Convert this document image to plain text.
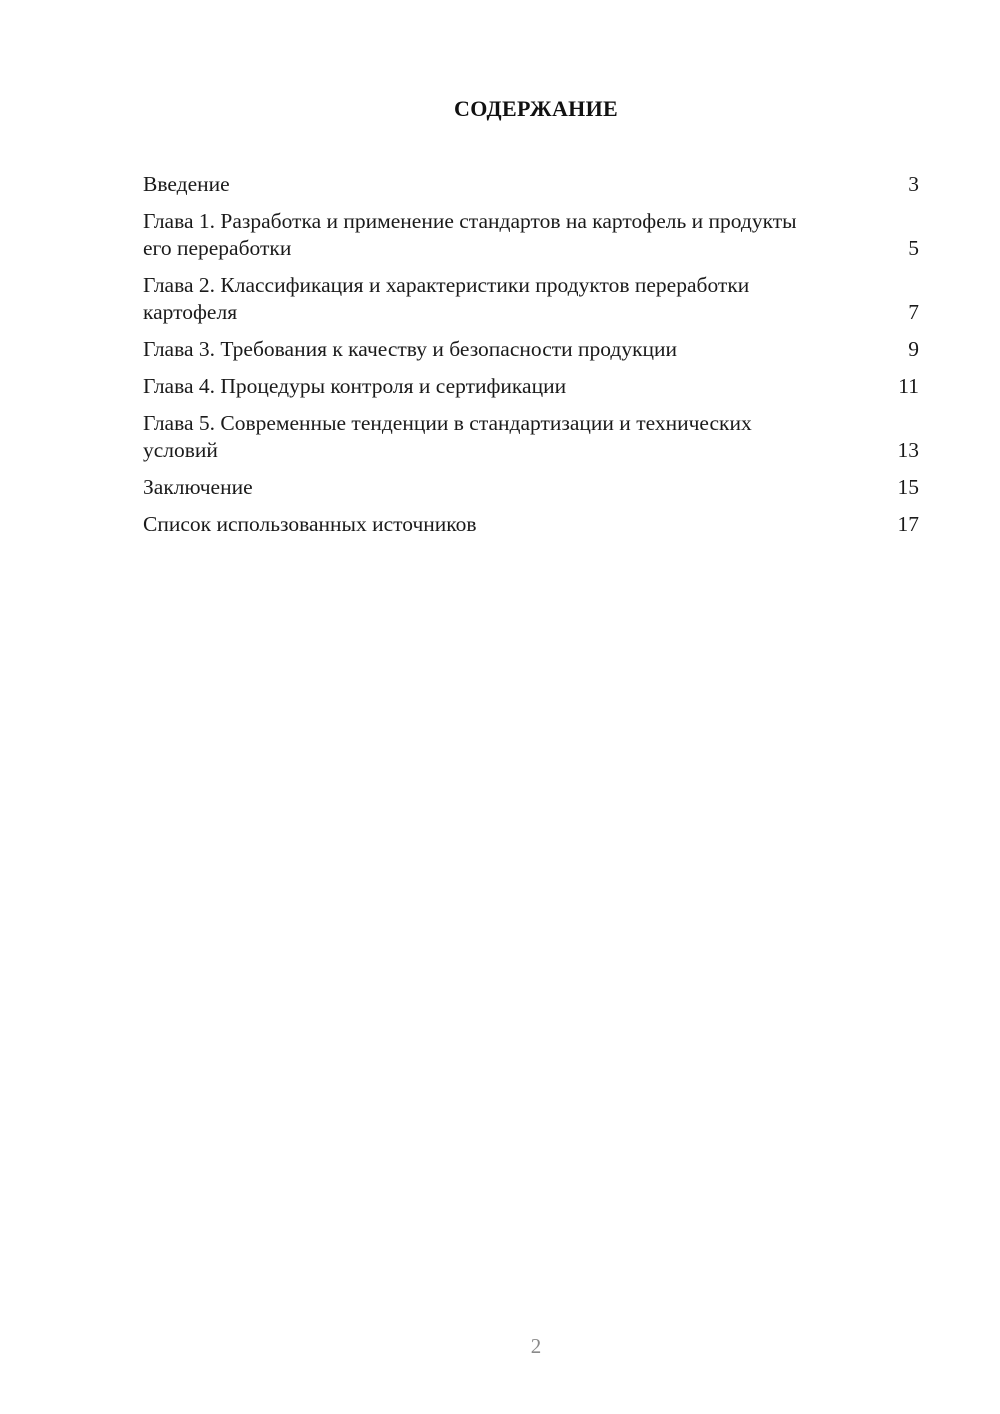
СОДЕРЖАНИЕ
Введение	3
Глава 1. Разработка и применение стандартов на картофель и продукты его переработки	5
Глава 2. Классификация и характеристики продуктов переработки картофеля	7
Глава 3. Требования к качеству и безопасности продукции	9
Глава 4. Процедуры контроля и сертификации	11
Глава 5. Современные тенденции в стандартизации и технических условий	13
Заключение	15
Список использованных источников	17
2
